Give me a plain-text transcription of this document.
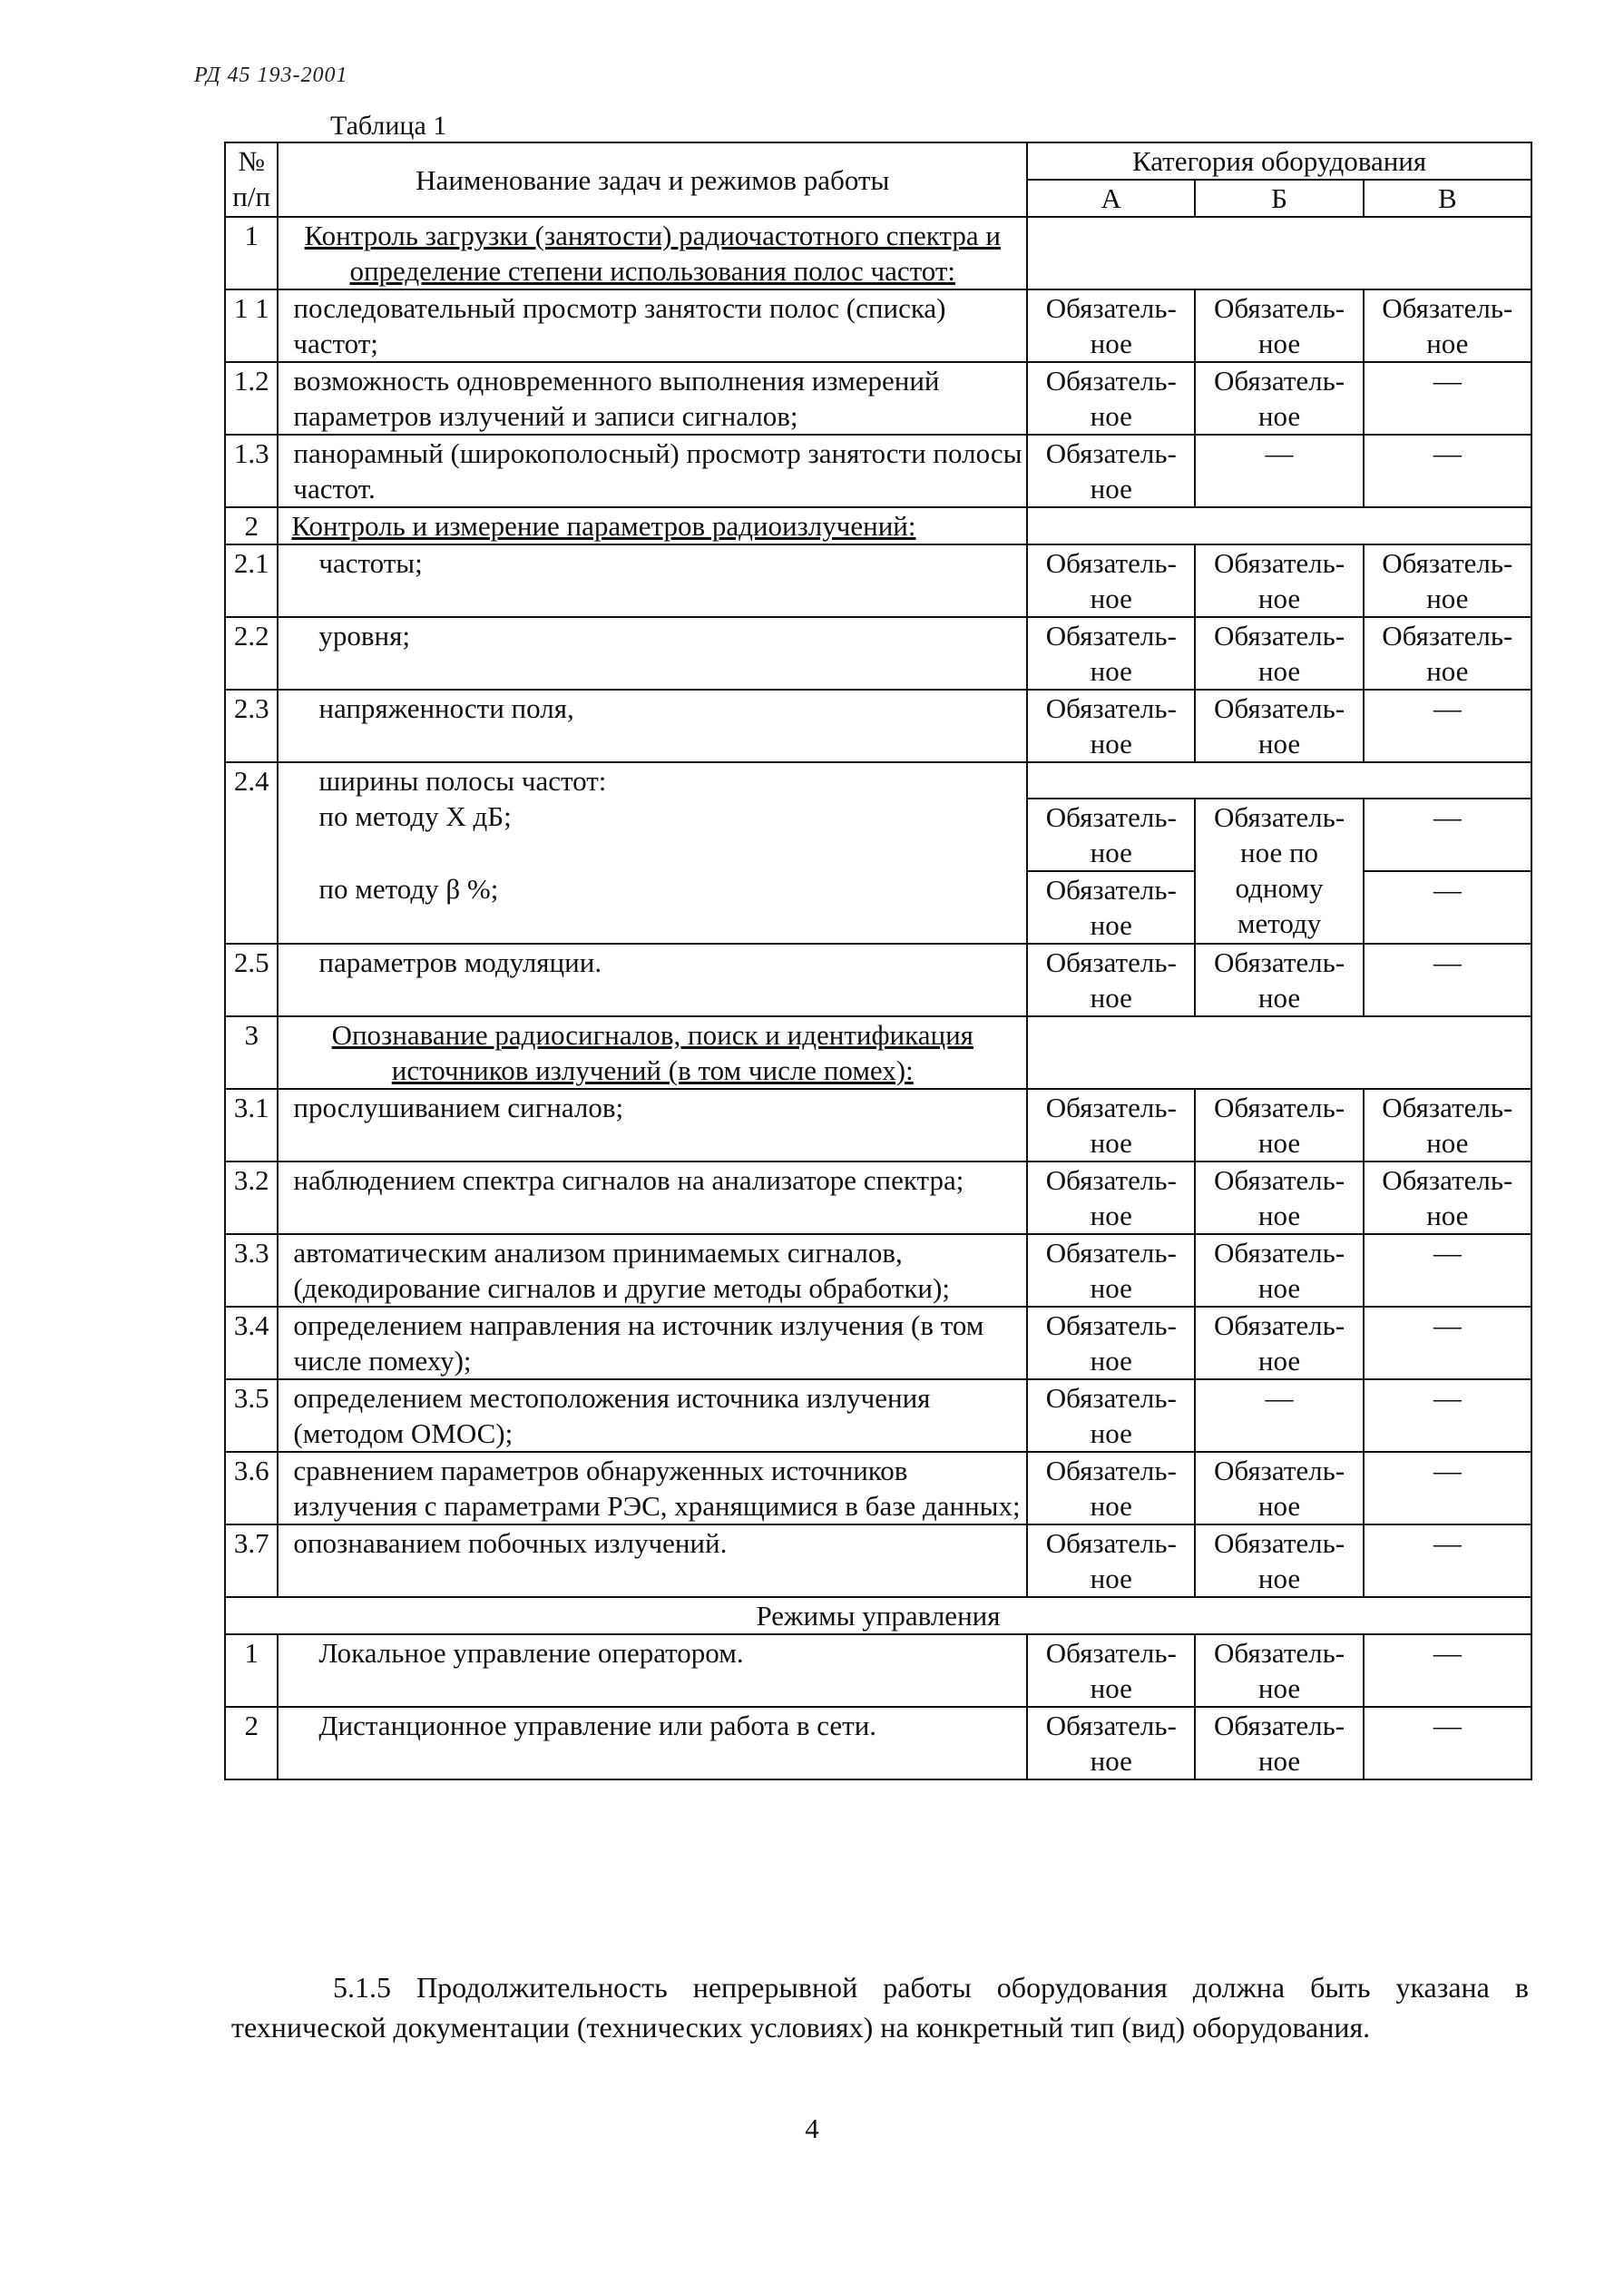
РД 45 193-2001
Таблица 1
№ п/п	Наименование задач и режимов работы	Категория оборудования		
		А	Б	В
1	Контроль загрузки (занятости) радиочастотного спектра и определение степени использования полос частот:			
1 1	последовательный просмотр занятости полос (списка) частот;	Обязатель-ное	Обязатель-ное	Обязатель-ное
1.2	возможность одновременного выполнения измерений параметров излучений и записи сигналов;	Обязатель-ное	Обязатель-ное	—
1.3	панорамный (широкополосный) просмотр занятости полосы частот.	Обязатель-ное	—	—
2	Контроль и измерение параметров радиоизлучений:			
2.1	частоты;	Обязатель-ное	Обязатель-ное	Обязатель-ное
2.2	уровня;	Обязатель-ное	Обязатель-ное	Обязатель-ное
2.3	напряженности поля,	Обязатель-ное	Обязатель-ное	—
2.4	ширины полосы частот:			
	по методу X дБ;	Обязатель-ное	Обязатель-ное по одному методу	—
	по методу β %;	Обязатель-ное		—
2.5	параметров модуляции.	Обязатель-ное	Обязатель-ное	—
3	Опознавание радиосигналов, поиск и идентификация источников излучений (в том числе помех):			
3.1	прослушиванием сигналов;	Обязатель-ное	Обязатель-ное	Обязатель-ное
3.2	наблюдением спектра сигналов на анализаторе спектра;	Обязатель-ное	Обязатель-ное	Обязатель-ное
3.3	автоматическим анализом принимаемых сигналов, (декодирование сигналов и другие методы обработки);	Обязатель-ное	Обязатель-ное	—
3.4	определением направления на источник излучения (в том числе помеху);	Обязатель-ное	Обязатель-ное	—
3.5	определением местоположения источника излучения (методом ОМОС);	Обязатель-ное	—	—
3.6	сравнением параметров обнаруженных источников излучения с параметрами РЭС, хранящимися в базе данных;	Обязатель-ное	Обязатель-ное	—
3.7	опознаванием побочных излучений.	Обязатель-ное	Обязатель-ное	—
Режимы управления				
1	Локальное управление оператором.	Обязатель-ное	Обязатель-ное	—
2	Дистанционное управление или работа в сети.	Обязатель-ное	Обязатель-ное	—
5.1.5 Продолжительность непрерывной работы оборудования должна быть указана в технической документации (технических условиях) на конкретный тип (вид) оборудования.
4
